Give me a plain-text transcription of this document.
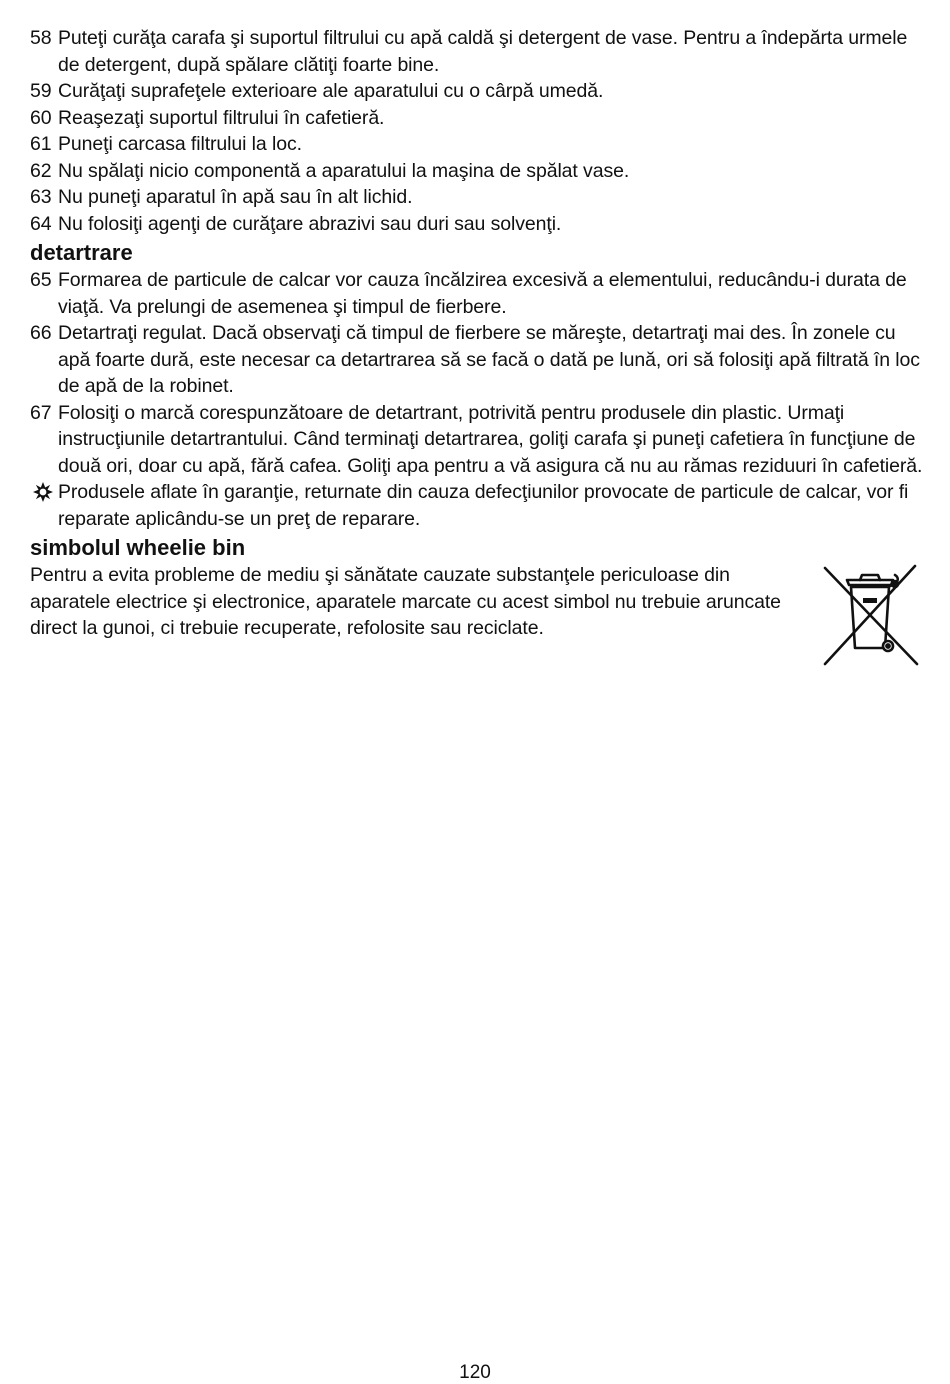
58 Puteţi curăţa carafa şi suportul filtrului cu apă caldă şi detergent de vase. Pentru a îndepărta urmele de detergent, după spălare clătiţi foarte bine.
59 Curăţaţi suprafeţele exterioare ale aparatului cu o cârpă umedă.
60 Reaşezaţi suportul filtrului în cafetieră.
61 Puneţi carcasa filtrului la loc.
62 Nu spălaţi nicio componentă a aparatului la maşina de spălat vase.
63 Nu puneţi aparatul în apă sau în alt lichid.
64 Nu folosiţi agenţi de curăţare abrazivi sau duri sau solvenţi.
detartrare
65 Formarea de particule de calcar vor cauza încălzirea excesivă a elementului, reducându-i durata de viaţă. Va prelungi de asemenea şi timpul de fierbere.
66 Detartraţi regulat. Dacă observaţi că timpul de fierbere se măreşte, detartraţi mai des. În zonele cu apă foarte dură, este necesar ca detartrarea să se facă o dată pe lună, ori să folosiţi apă filtrată în loc de apă de la robinet.
67 Folosiţi o marcă corespunzătoare de detartrant, potrivită pentru produsele din plastic. Urmaţi instrucţiunile detartrantului. Când terminaţi detartrarea, goliţi carafa şi puneţi cafetiera în funcţiune de două ori, doar cu apă, fără cafea. Goliţi apa pentru a vă asigura că nu au rămas reziduuri în cafetieră.
Produsele aflate în garanţie, returnate din cauza defecţiunilor provocate de particule de calcar, vor fi reparate aplicându-se un preţ de reparare.
simbolul wheelie bin
Pentru a evita probleme de mediu şi sănătate cauzate substanţele periculoase din aparatele electrice şi electronice, aparatele marcate cu acest simbol nu trebuie aruncate direct la gunoi, ci trebuie recuperate, refolosite sau reciclate.
120
